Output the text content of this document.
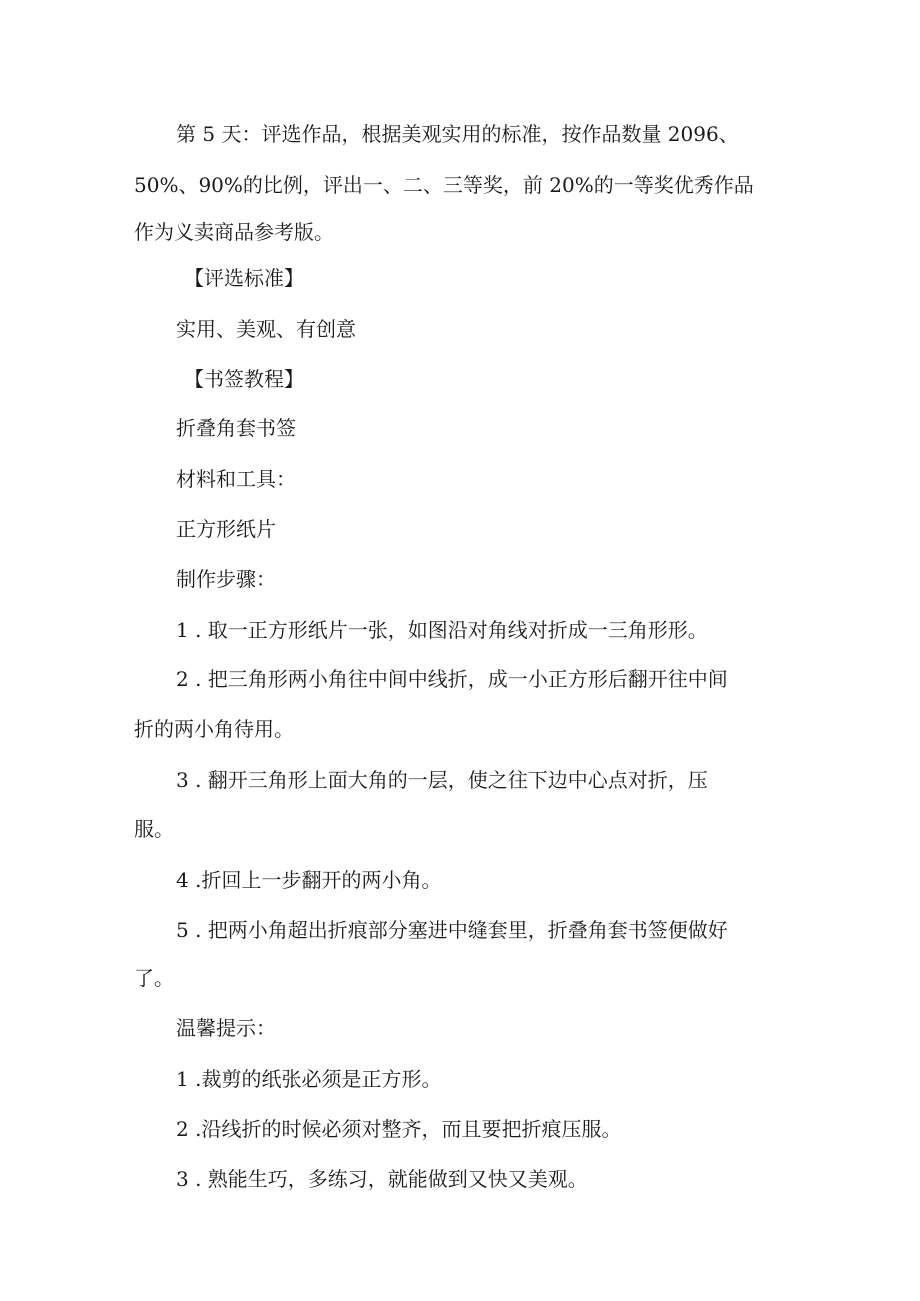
第 5 天：评选作品，根据美观实用的标准，按作品数量 2096、
50%、90%的比例，评出一、二、三等奖，前 20%的一等奖优秀作品
作为义卖商品参考版。
【评选标准】
实用、美观、有创意
【书签教程】
折叠角套书签
材料和工具：
正方形纸片
制作步骤：
1 . 取一正方形纸片一张，如图沿对角线对折成一三角形形。
2 . 把三角形两小角往中间中线折，成一小正方形后翻开往中间
折的两小角待用。
3 . 翻开三角形上面大角的一层，使之往下边中心点对折，压
服。
4 .折回上一步翻开的两小角。
5 . 把两小角超出折痕部分塞进中缝套里，折叠角套书签便做好
了。
温馨提示：
1 .裁剪的纸张必须是正方形。
2 .沿线折的时候必须对整齐，而且要把折痕压服。
3 . 熟能生巧，多练习，就能做到又快又美观。
